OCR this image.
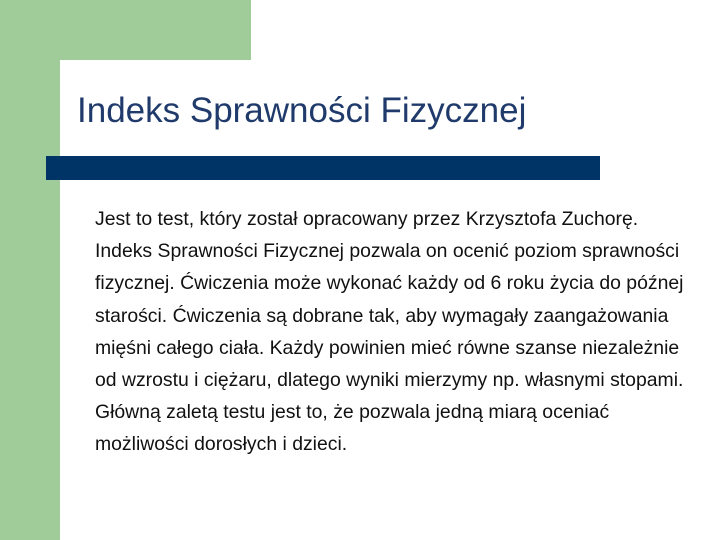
Indeks Sprawności Fizycznej

Jest to test, który został opracowany przez Krzysztofa Zuchorę. Indeks Sprawności Fizycznej pozwala on ocenić poziom sprawności fizycznej. Ćwiczenia może wykonać każdy od 6 roku życia do późnej starości. Ćwiczenia są dobrane tak, aby wymagały zaangażowania mięśni całego ciała. Każdy powinien mieć równe szanse niezależnie od wzrostu i ciężaru, dlatego wyniki mierzymy np. własnymi stopami. Główną zaletą testu jest to, że pozwala jedną miarą oceniać możliwości dorosłych i dzieci.
